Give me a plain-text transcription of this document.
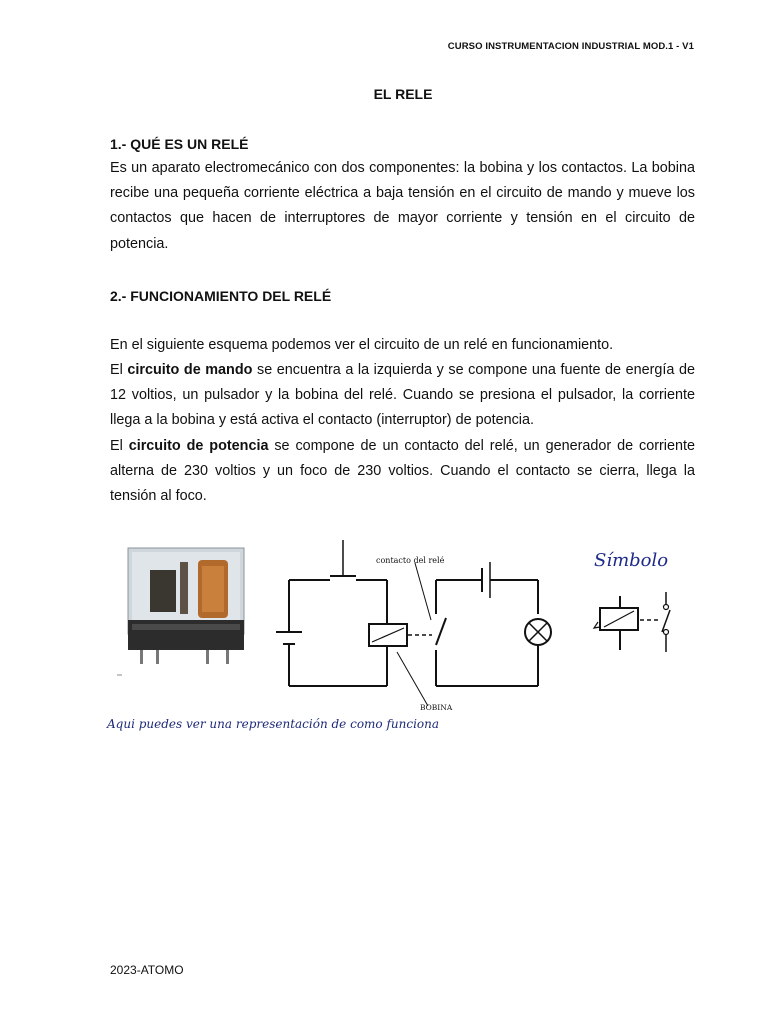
CURSO INSTRUMENTACION INDUSTRIAL MOD.1 - V1
EL RELE
1.- QUÉ ES UN RELÉ

Es un aparato electromecánico con dos componentes: la bobina y los contactos. La bobina recibe una pequeña corriente eléctrica a baja tensión en el circuito de mando y mueve los contactos que hacen de interruptores de mayor corriente y tensión en el circuito de potencia.

2.- FUNCIONAMIENTO DEL RELÉ

En el siguiente esquema podemos ver el circuito de un relé en funcionamiento.

El circuito de mando se encuentra a la izquierda y se compone una fuente de energía de 12 voltios, un pulsador y la bobina del relé. Cuando se presiona el pulsador, la corriente llega a la bobina y está activa el contacto (interruptor) de potencia.

El circuito de potencia se compone de un contacto del relé, un generador de corriente alterna de 230 voltios y un foco de 230 voltios. Cuando el contacto se cierra, llega la tensión al foco.

contacto del relé
BOBINA
Símbolo
Aqui puedes ver una representación de como funciona
2023-ATOMO
